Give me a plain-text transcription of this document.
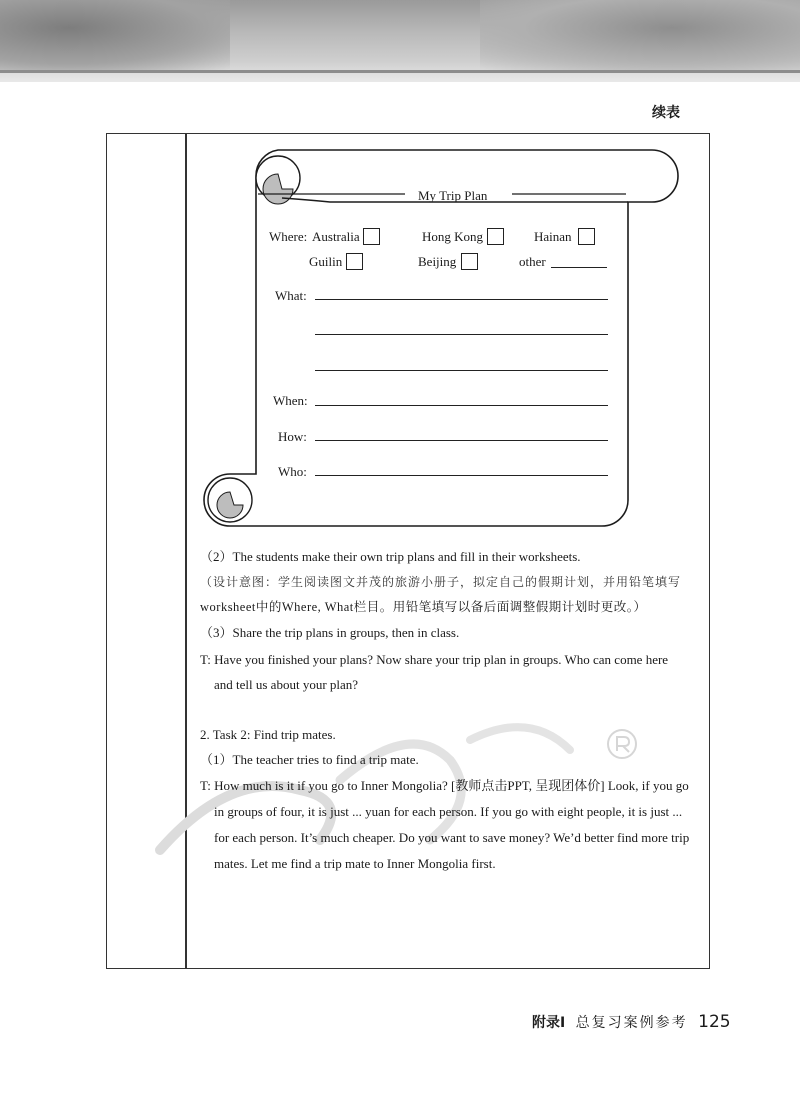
续表
My Trip Plan
Where: Australia	Hong Kong	Hainan
Guilin	Beijing	other
What:
When:
How:
Who:
（2）The students make their own trip plans and fill in their worksheets.
（设计意图：学生阅读图文并茂的旅游小册子，拟定自己的假期计划，并用铅笔填写
worksheet中的Where, What栏目。用铅笔填写以备后面调整假期计划时更改。）
（3）Share the trip plans in groups, then in class.
T: Have you finished your plans? Now share your trip plan in groups. Who can come here
and tell us about your plan?
2. Task 2: Find trip mates.
（1）The teacher tries to find a trip mate.
T: How much is it if you go to Inner Mongolia? [教师点击PPT, 呈现团体价] Look, if you go
in groups of four, it is just ... yuan for each person. If you go with eight people, it is just ...
for each person. It’s much cheaper. Do you want to save money? We’d better find more trip
mates. Let me find a trip mate to Inner Mongolia first.
附录Ⅰ 总复习案例参考 125
